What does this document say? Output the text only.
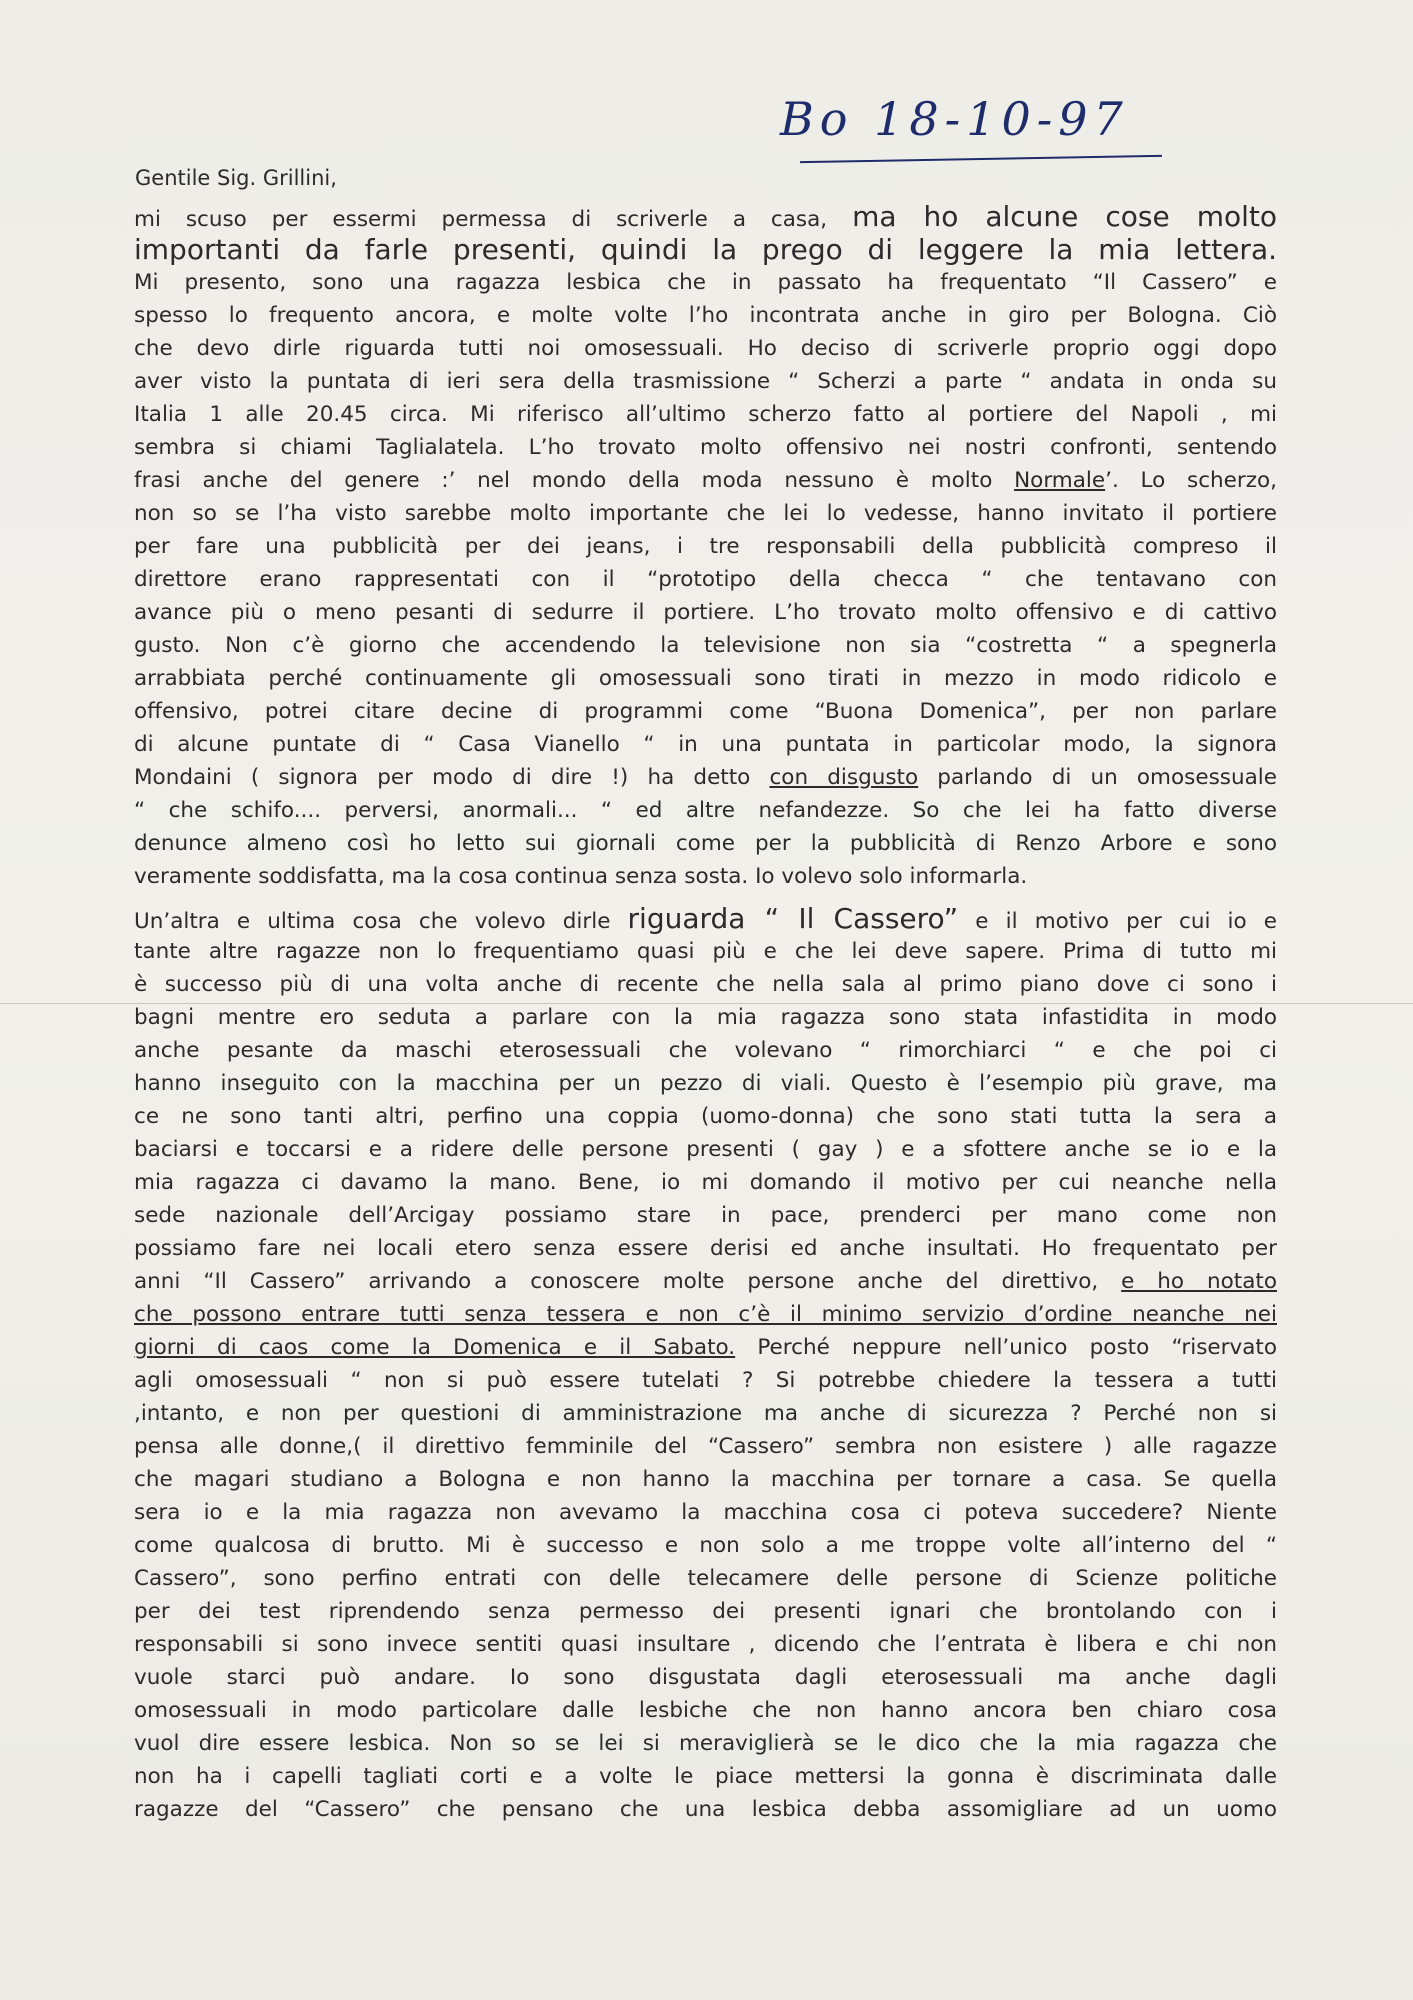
Bo 18-10-97
Gentile Sig. Grillini,
mi scuso per essermi permessa di scriverle a casa, ma ho alcune cose molto
importanti da farle presenti, quindi la prego di leggere la mia lettera.
Mi presento, sono una ragazza lesbica che in passato ha frequentato “Il Cassero” e
spesso lo frequento ancora, e molte volte l’ho incontrata anche in giro per Bologna. Ciò
che devo dirle riguarda tutti noi omosessuali. Ho deciso di scriverle proprio oggi dopo
aver visto la puntata di ieri sera della trasmissione “ Scherzi a parte “ andata in onda su
Italia 1 alle 20.45 circa. Mi riferisco all’ultimo scherzo fatto al portiere del Napoli , mi
sembra si chiami Taglialatela. L’ho trovato molto offensivo nei nostri confronti, sentendo
frasi anche del genere :’ nel mondo della moda nessuno è molto Normale’. Lo scherzo,
non so se l’ha visto sarebbe molto importante che lei lo vedesse, hanno invitato il portiere
per fare una pubblicità per dei jeans, i tre responsabili della pubblicità compreso il
direttore erano rappresentati con il “prototipo della checca “ che tentavano con
avance più o meno pesanti di sedurre il portiere. L’ho trovato molto offensivo e di cattivo
gusto. Non c’è giorno che accendendo la televisione non sia “costretta “ a spegnerla
arrabbiata perché continuamente gli omosessuali sono tirati in mezzo in modo ridicolo e
offensivo, potrei citare decine di programmi come “Buona Domenica”, per non parlare
di alcune puntate di “ Casa Vianello “ in una puntata in particolar modo, la signora
Mondaini ( signora per modo di dire !) ha detto con disgusto parlando di un omosessuale
“ che schifo.... perversi, anormali... “ ed altre nefandezze. So che lei ha fatto diverse
denunce almeno così ho letto sui giornali come per la pubblicità di Renzo Arbore e sono
veramente soddisfatta, ma la cosa continua senza sosta. Io volevo solo informarla.
Un’altra e ultima cosa che volevo dirle riguarda “ Il Cassero” e il motivo per cui io e
tante altre ragazze non lo frequentiamo quasi più e che lei deve sapere. Prima di tutto mi
è successo più di una volta anche di recente che nella sala al primo piano dove ci sono i
bagni mentre ero seduta a parlare con la mia ragazza sono stata infastidita in modo
anche pesante da maschi eterosessuali che volevano “ rimorchiarci “ e che poi ci
hanno inseguito con la macchina per un pezzo di viali. Questo è l’esempio più grave, ma
ce ne sono tanti altri, perfino una coppia (uomo-donna) che sono stati tutta la sera a
baciarsi e toccarsi e a ridere delle persone presenti ( gay ) e a sfottere anche se io e la
mia ragazza ci davamo la mano. Bene, io mi domando il motivo per cui neanche nella
sede nazionale dell’Arcigay possiamo stare in pace, prenderci per mano come non
possiamo fare nei locali etero senza essere derisi ed anche insultati. Ho frequentato per
anni “Il Cassero” arrivando a conoscere molte persone anche del direttivo, e ho notato
che possono entrare tutti senza tessera e non c’è il minimo servizio d’ordine neanche nei
giorni di caos come la Domenica e il Sabato. Perché neppure nell’unico posto “riservato
agli omosessuali “ non si può essere tutelati ? Si potrebbe chiedere la tessera a tutti
,intanto, e non per questioni di amministrazione ma anche di sicurezza ? Perché non si
pensa alle donne,( il direttivo femminile del “Cassero” sembra non esistere ) alle ragazze
che magari studiano a Bologna e non hanno la macchina per tornare a casa. Se quella
sera io e la mia ragazza non avevamo la macchina cosa ci poteva succedere? Niente
come qualcosa di brutto. Mi è successo e non solo a me troppe volte all’interno del “
Cassero”, sono perfino entrati con delle telecamere delle persone di Scienze politiche
per dei test riprendendo senza permesso dei presenti ignari che brontolando con i
responsabili si sono invece sentiti quasi insultare , dicendo che l’entrata è libera e chi non
vuole starci può andare. Io sono disgustata dagli eterosessuali ma anche dagli
omosessuali in modo particolare dalle lesbiche che non hanno ancora ben chiaro cosa
vuol dire essere lesbica. Non so se lei si meraviglierà se le dico che la mia ragazza che
non ha i capelli tagliati corti e a volte le piace mettersi la gonna è discriminata dalle
ragazze del “Cassero” che pensano che una lesbica debba assomigliare ad un uomo
